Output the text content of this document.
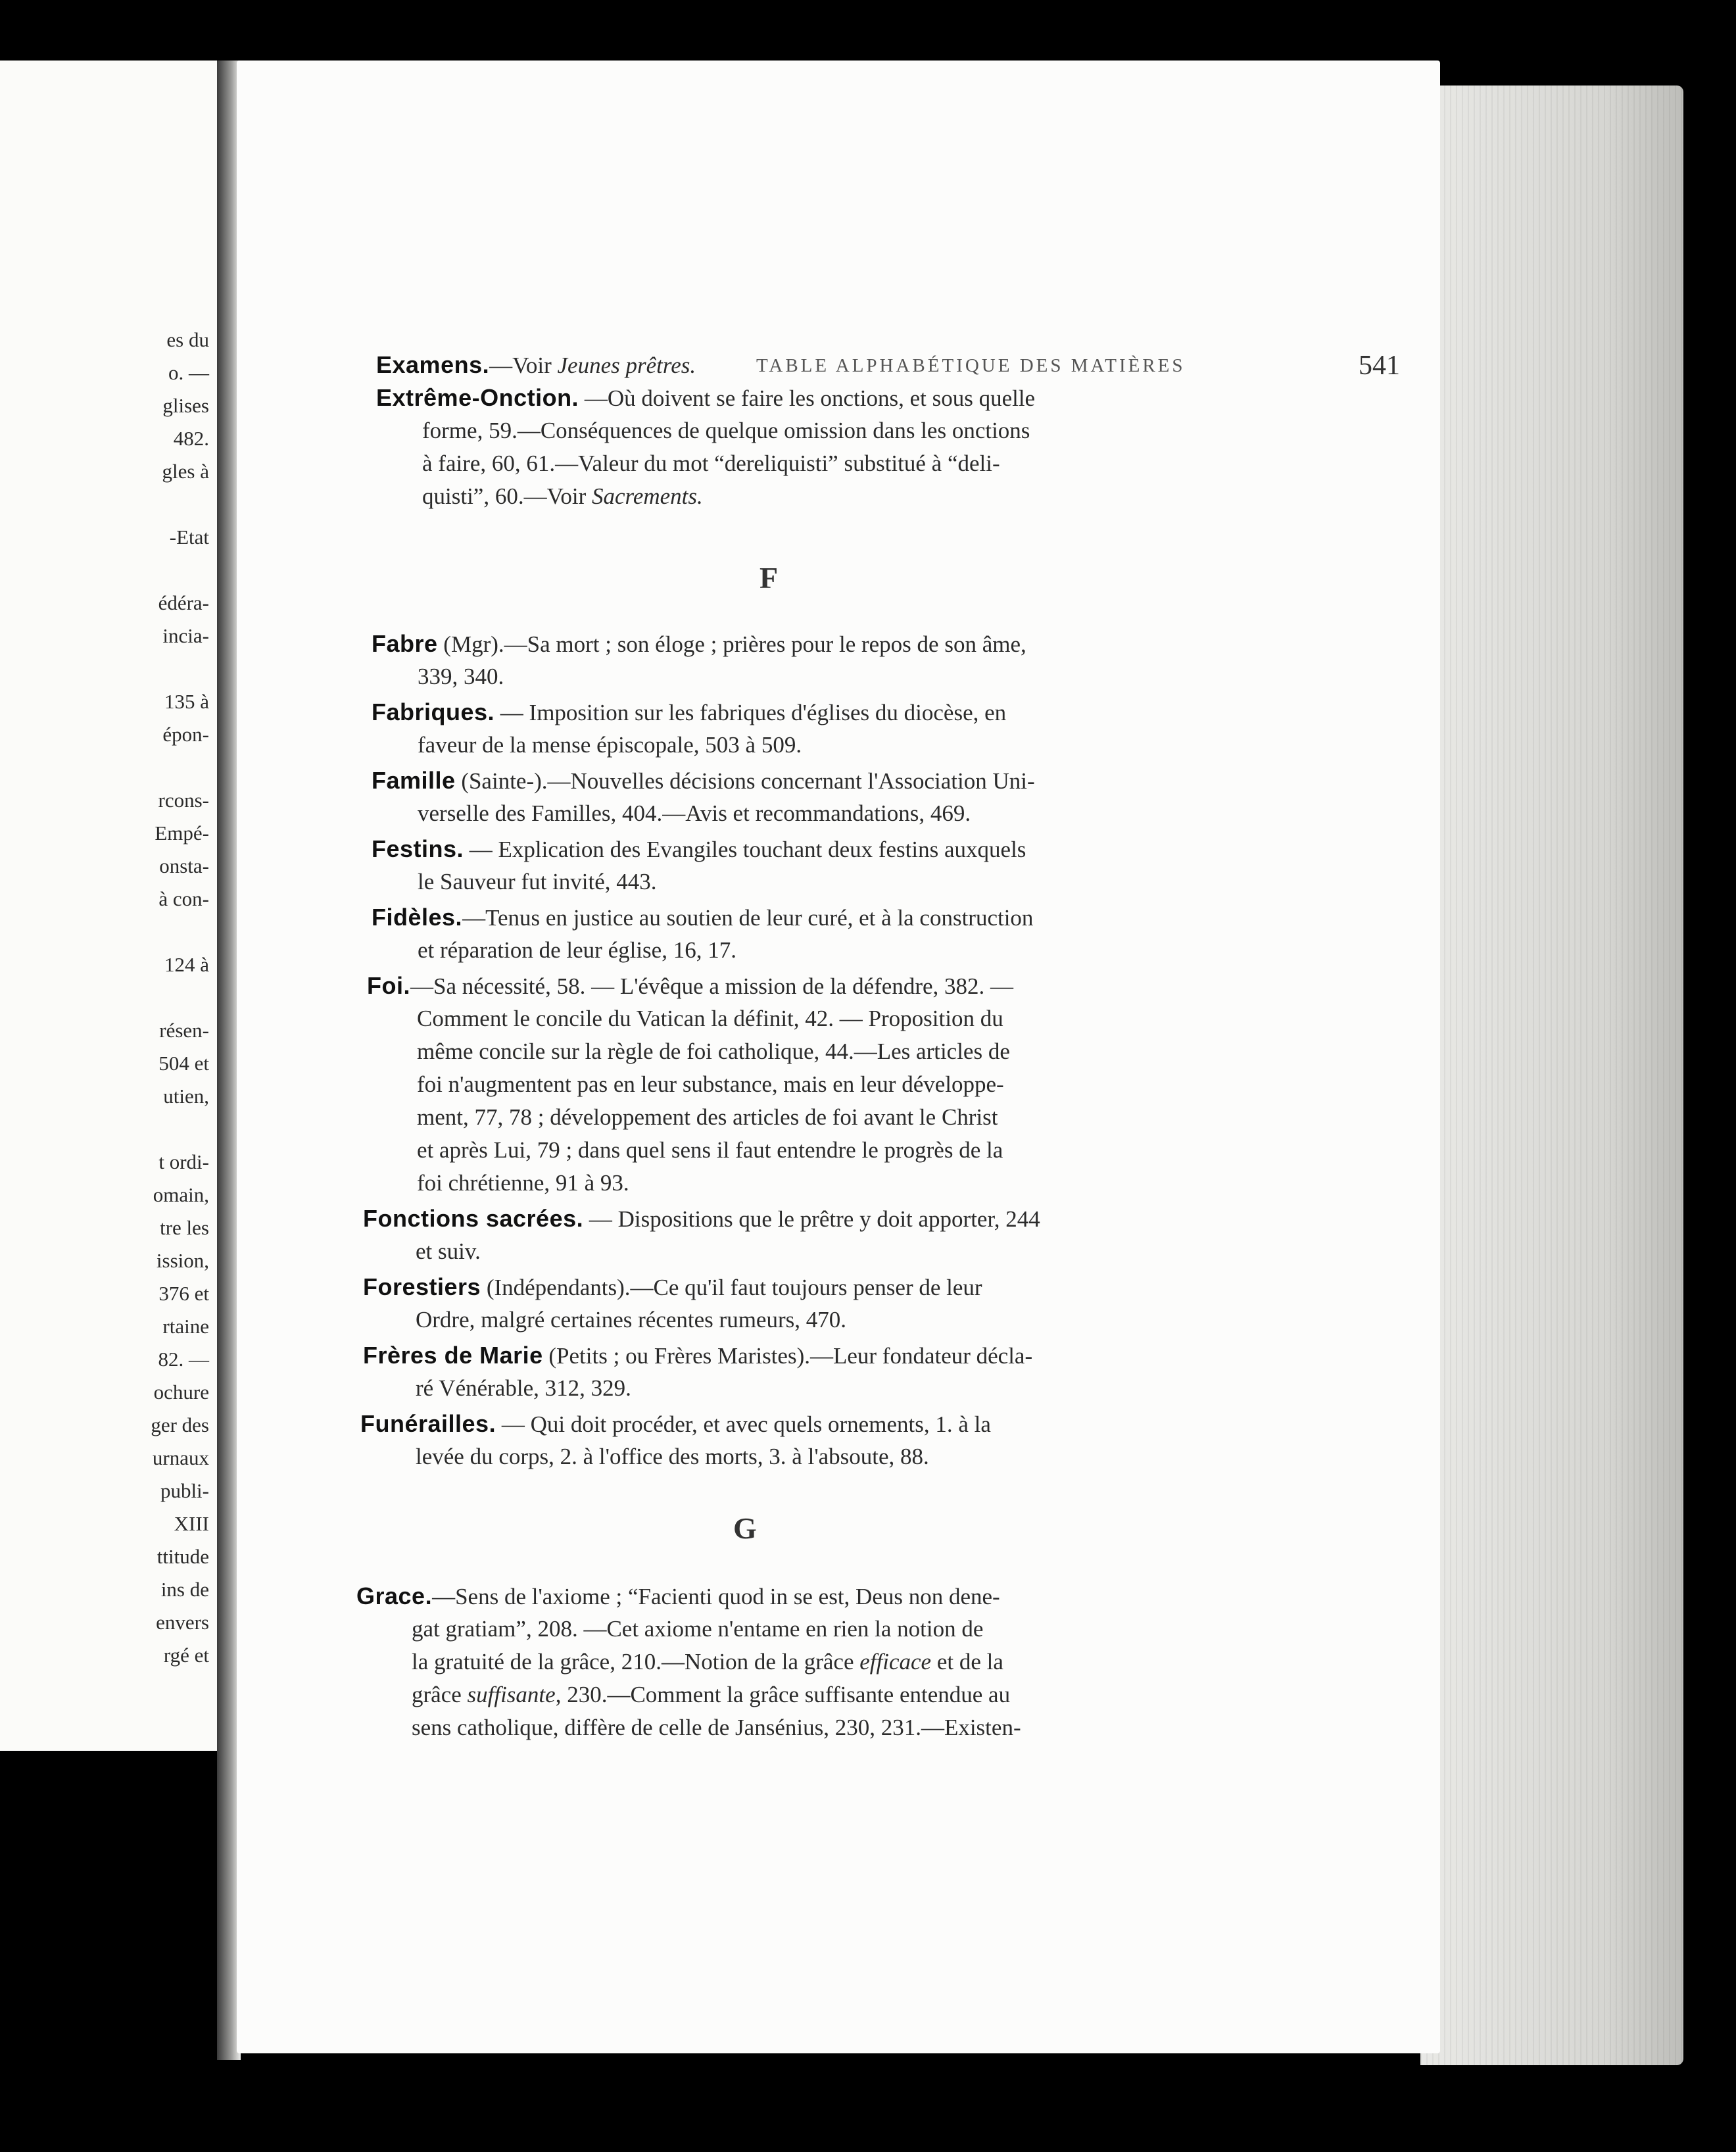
es du
o. —
glises
482.
gles à
-Etat
édéra-
incia-
135 à
épon-
rcons-
Empé-
onsta-
à con-
124 à
résen-
504 et
utien,
t ordi-
omain,
tre les
ission,
376 et
rtaine
82. —
ochure
ger des
urnaux
publi-
XIII
ttitude
ins de
envers
rgé et
TABLE ALPHABÉTIQUE DES MATIÈRES	541
Examens.—Voir Jeunes prêtres.
Extrême-Onction. —Où doivent se faire les onctions, et sous quelle
forme, 59.—Conséquences de quelque omission dans les onctions
à faire, 60, 61.—Valeur du mot “dereliquisti” substitué à “deli-
quisti”, 60.—Voir Sacrements.
F
Fabre (Mgr).—Sa mort ; son éloge ; prières pour le repos de son âme,
339, 340.
Fabriques. — Imposition sur les fabriques d'églises du diocèse, en
faveur de la mense épiscopale, 503 à 509.
Famille (Sainte-).—Nouvelles décisions concernant l'Association Uni-
verselle des Familles, 404.—Avis et recommandations, 469.
Festins. — Explication des Evangiles touchant deux festins auxquels
le Sauveur fut invité, 443.
Fidèles.—Tenus en justice au soutien de leur curé, et à la construction
et réparation de leur église, 16, 17.
Foi.—Sa nécessité, 58. — L'évêque a mission de la défendre, 382. —
Comment le concile du Vatican la définit, 42. — Proposition du
même concile sur la règle de foi catholique, 44.—Les articles de
foi n'augmentent pas en leur substance, mais en leur développe-
ment, 77, 78 ; développement des articles de foi avant le Christ
et après Lui, 79 ; dans quel sens il faut entendre le progrès de la
foi chrétienne, 91 à 93.
Fonctions sacrées. — Dispositions que le prêtre y doit apporter, 244
et suiv.
Forestiers (Indépendants).—Ce qu'il faut toujours penser de leur
Ordre, malgré certaines récentes rumeurs, 470.
Frères de Marie (Petits ; ou Frères Maristes).—Leur fondateur décla-
ré Vénérable, 312, 329.
Funérailles. — Qui doit procéder, et avec quels ornements, 1. à la
levée du corps, 2. à l'office des morts, 3. à l'absoute, 88.
G
Grace.—Sens de l'axiome ; “Facienti quod in se est, Deus non dene-
gat gratiam”, 208. —Cet axiome n'entame en rien la notion de
la gratuité de la grâce, 210.—Notion de la grâce efficace et de la
grâce suffisante, 230.—Comment la grâce suffisante entendue au
sens catholique, diffère de celle de Jansénius, 230, 231.—Existen-
